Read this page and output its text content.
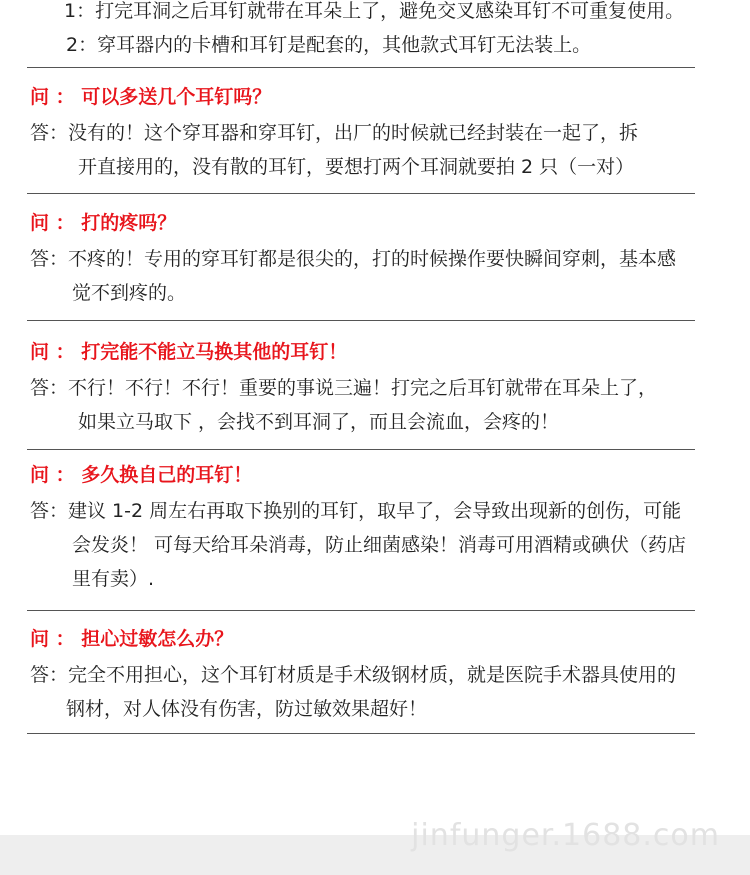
1：打完耳洞之后耳钉就带在耳朵上了，避免交叉感染耳钉不可重复使用。
2：穿耳器内的卡槽和耳钉是配套的，其他款式耳钉无法装上。
问 ： 可以多送几个耳钉吗？
答：没有的！这个穿耳器和穿耳钉，出厂的时候就已经封装在一起了，拆
开直接用的，没有散的耳钉，要想打两个耳洞就要拍 2 只（一对）
问 ： 打的疼吗？
答：不疼的！专用的穿耳钉都是很尖的，打的时候操作要快瞬间穿刺，基本感
觉不到疼的。
问 ： 打完能不能立马换其他的耳钉！
答：不行！不行！不行！重要的事说三遍！打完之后耳钉就带在耳朵上了，
如果立马取下 ，会找不到耳洞了，而且会流血，会疼的！
问 ： 多久换自己的耳钉！
答：建议 1-2 周左右再取下换别的耳钉，取早了，会导致出现新的创伤，可能
会发炎！ 可每天给耳朵消毒，防止细菌感染！消毒可用酒精或碘伏（药店
里有卖）.
问 ： 担心过敏怎么办？
答：完全不用担心，这个耳钉材质是手术级钢材质，就是医院手术器具使用的
钢材，对人体没有伤害，防过敏效果超好！
jinfunger.1688.com
